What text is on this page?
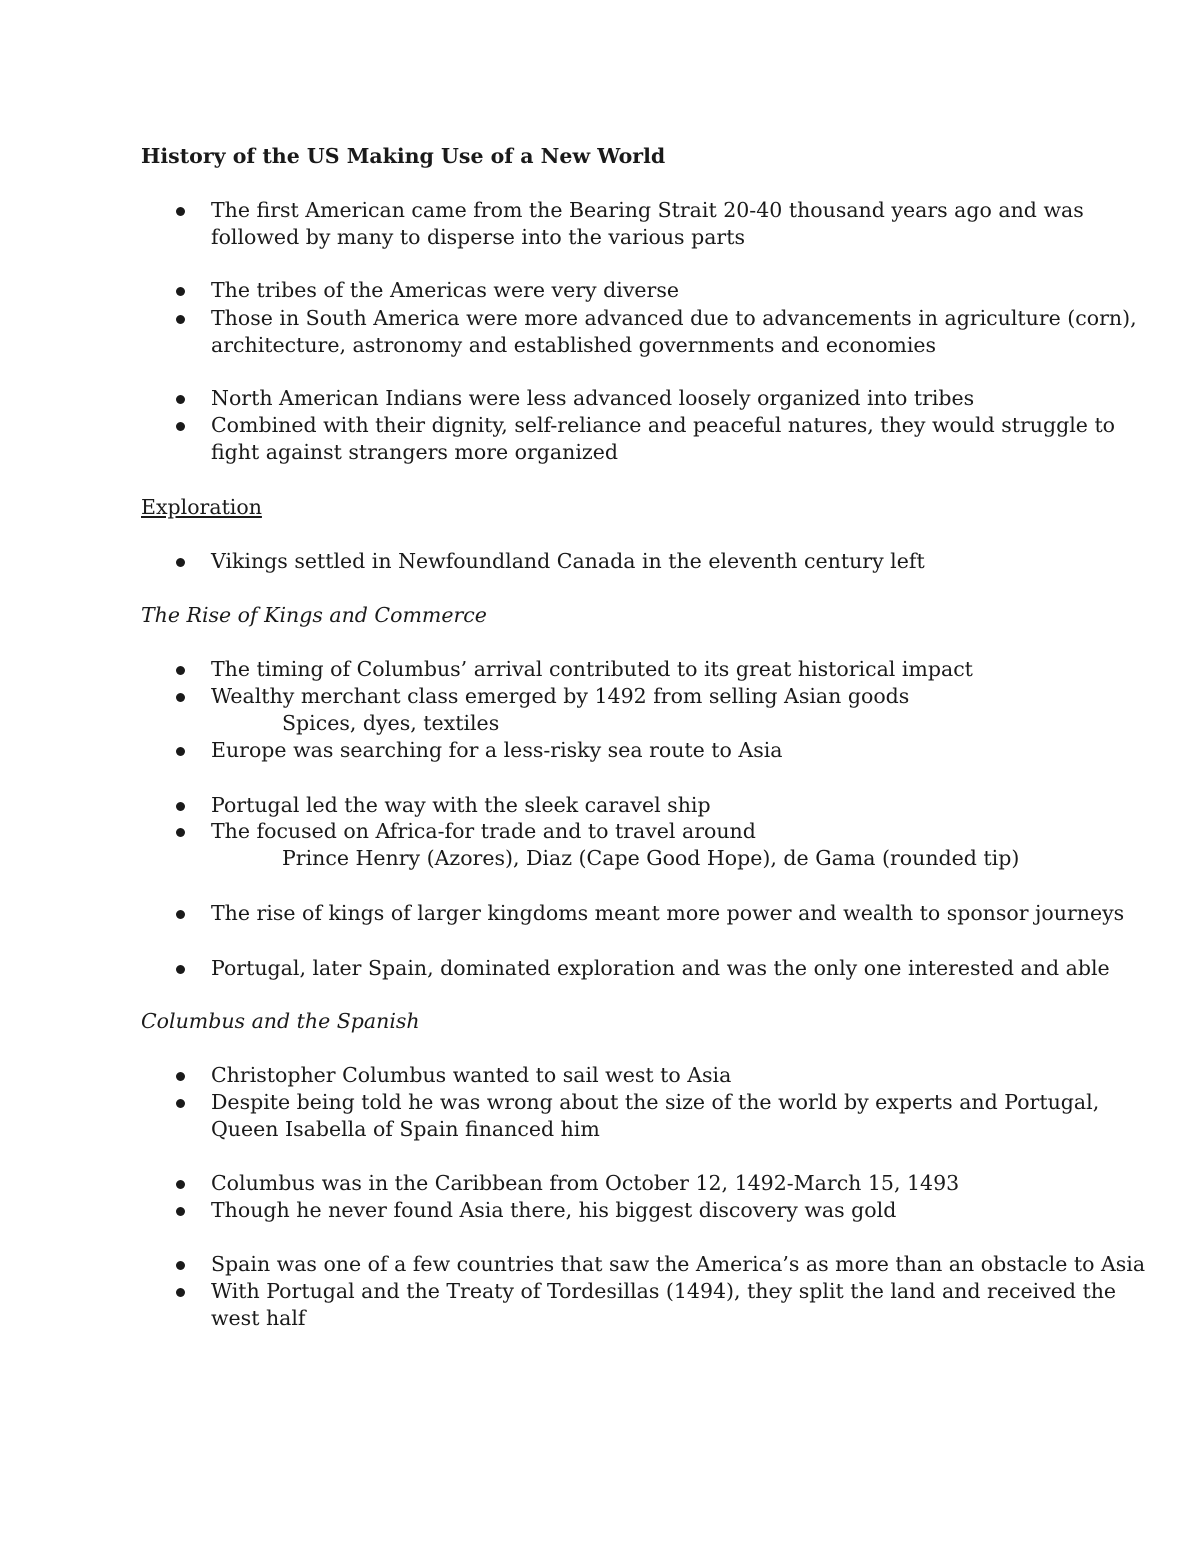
History of the US Making Use of a New World
The first American came from the Bearing Strait 20-40 thousand years ago and was
followed by many to disperse into the various parts
The tribes of the Americas were very diverse
Those in South America were more advanced due to advancements in agriculture (corn),
architecture, astronomy and established governments and economies
North American Indians were less advanced loosely organized into tribes
Combined with their dignity, self-reliance and peaceful natures, they would struggle to
fight against strangers more organized
Exploration
Vikings settled in Newfoundland Canada in the eleventh century left
The Rise of Kings and Commerce
The timing of Columbus’ arrival contributed to its great historical impact
Wealthy merchant class emerged by 1492 from selling Asian goods
Spices, dyes, textiles
Europe was searching for a less-risky sea route to Asia
Portugal led the way with the sleek caravel ship
The focused on Africa-for trade and to travel around
Prince Henry (Azores), Diaz (Cape Good Hope), de Gama (rounded tip)
The rise of kings of larger kingdoms meant more power and wealth to sponsor journeys
Portugal, later Spain, dominated exploration and was the only one interested and able
Columbus and the Spanish
Christopher Columbus wanted to sail west to Asia
Despite being told he was wrong about the size of the world by experts and Portugal,
Queen Isabella of Spain financed him
Columbus was in the Caribbean from October 12, 1492-March 15, 1493
Though he never found Asia there, his biggest discovery was gold
Spain was one of a few countries that saw the America’s as more than an obstacle to Asia
With Portugal and the Treaty of Tordesillas (1494), they split the land and received the
west half
